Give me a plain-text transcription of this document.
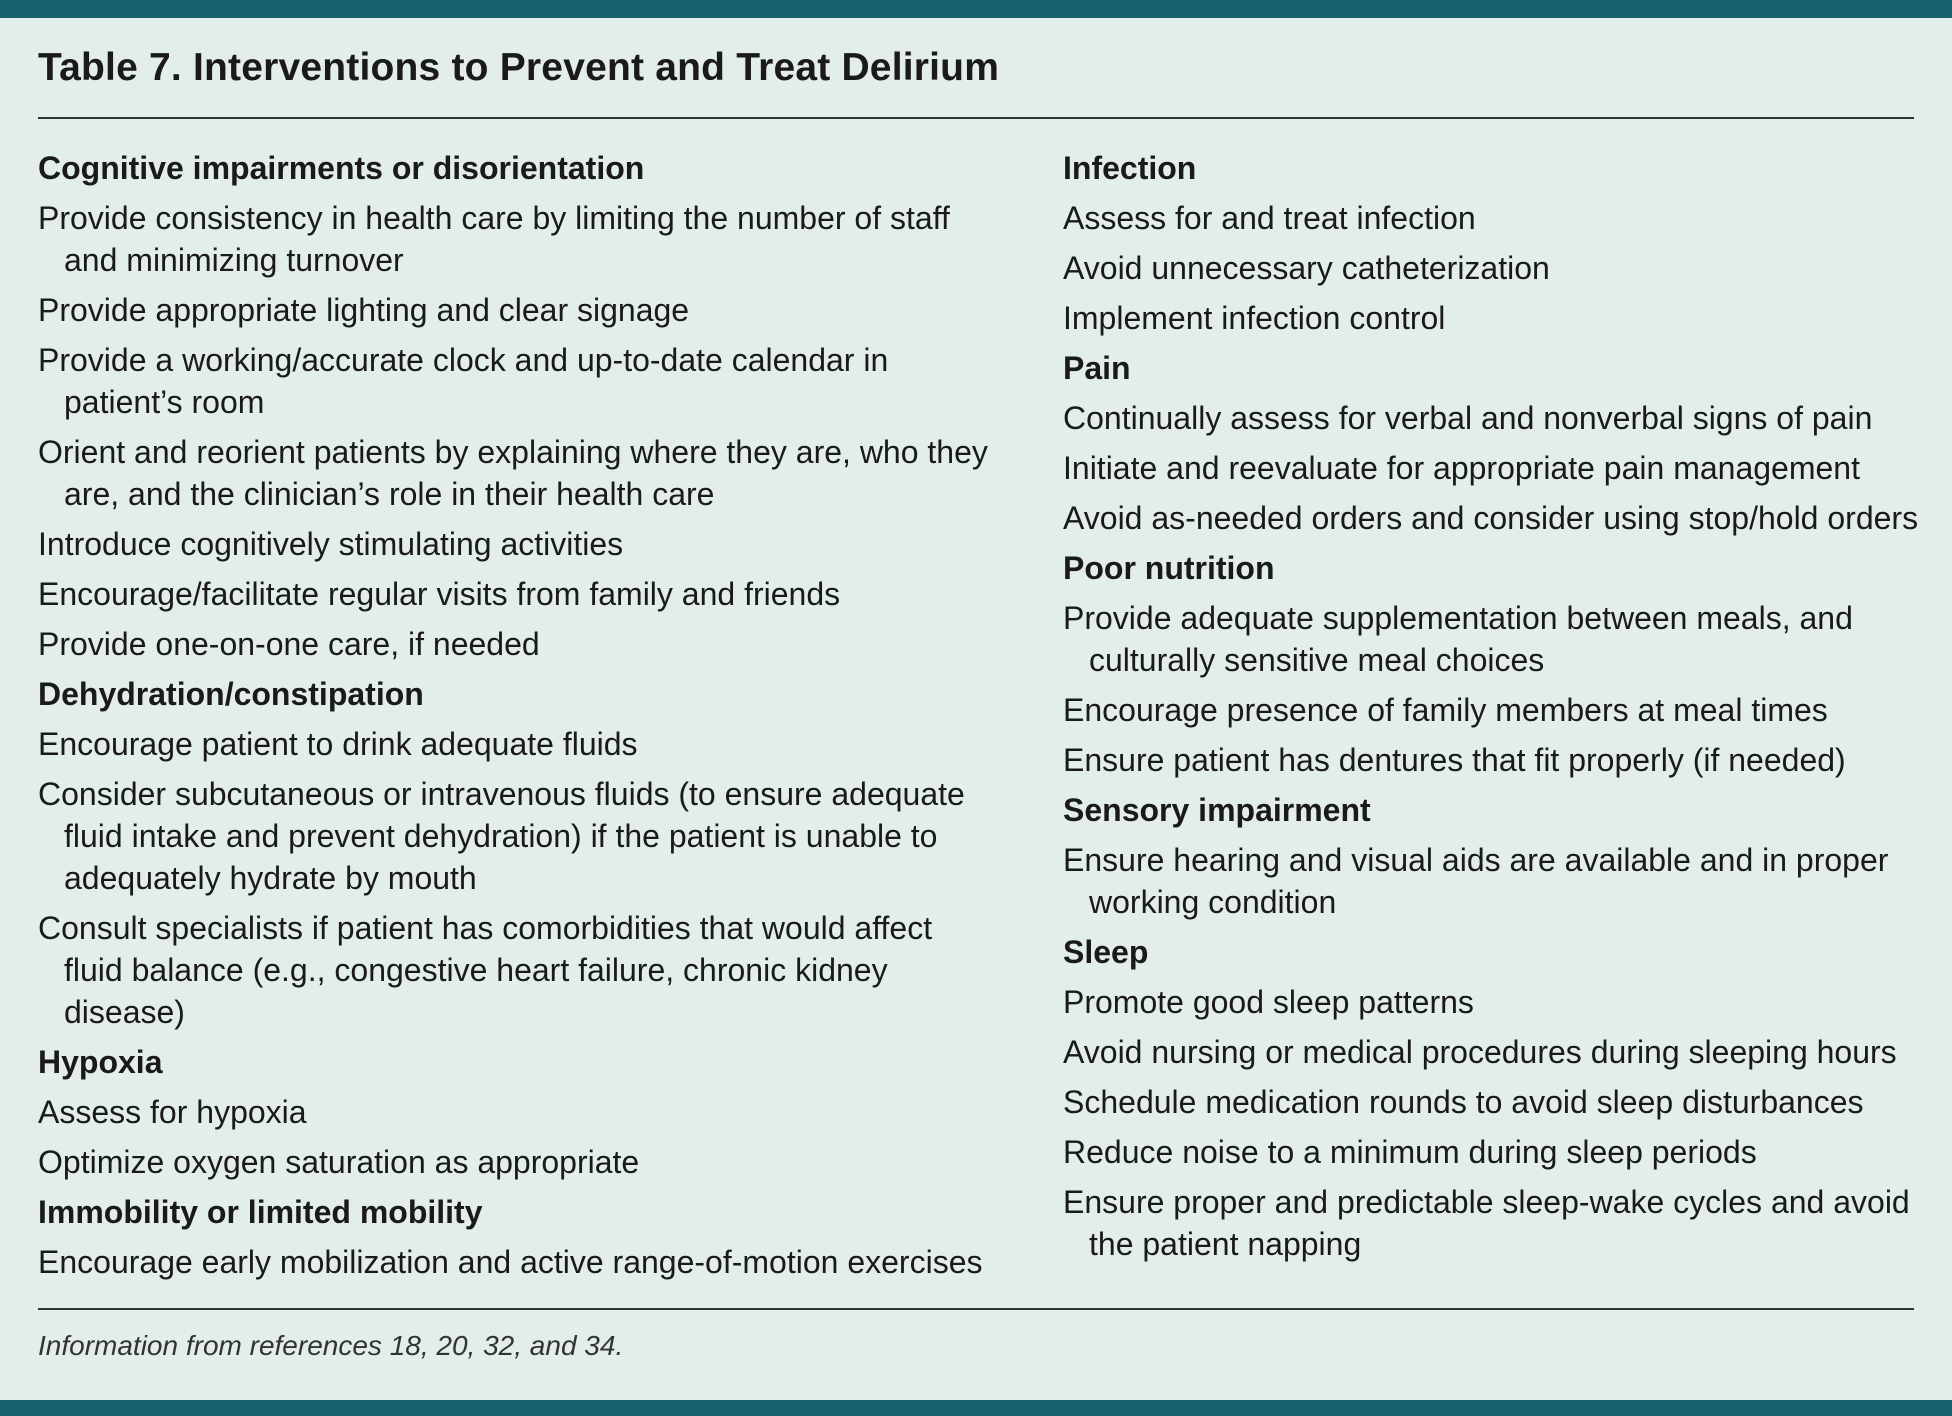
Table 7. Interventions to Prevent and Treat Delirium
Cognitive impairments or disorientation
Provide consistency in health care by limiting the number of staff and minimizing turnover
Provide appropriate lighting and clear signage
Provide a working/accurate clock and up-to-date calendar in patient’s room
Orient and reorient patients by explaining where they are, who they are, and the clinician’s role in their health care
Introduce cognitively stimulating activities
Encourage/facilitate regular visits from family and friends
Provide one-on-one care, if needed
Dehydration/constipation
Encourage patient to drink adequate fluids
Consider subcutaneous or intravenous fluids (to ensure adequate fluid intake and prevent dehydration) if the patient is unable to adequately hydrate by mouth
Consult specialists if patient has comorbidities that would affect fluid balance (e.g., congestive heart failure, chronic kidney disease)
Hypoxia
Assess for hypoxia
Optimize oxygen saturation as appropriate
Immobility or limited mobility
Encourage early mobilization and active range-of-motion exercises
Infection
Assess for and treat infection
Avoid unnecessary catheterization
Implement infection control
Pain
Continually assess for verbal and nonverbal signs of pain
Initiate and reevaluate for appropriate pain management
Avoid as-needed orders and consider using stop/hold orders
Poor nutrition
Provide adequate supplementation between meals, and culturally sensitive meal choices
Encourage presence of family members at meal times
Ensure patient has dentures that fit properly (if needed)
Sensory impairment
Ensure hearing and visual aids are available and in proper working condition
Sleep
Promote good sleep patterns
Avoid nursing or medical procedures during sleeping hours
Schedule medication rounds to avoid sleep disturbances
Reduce noise to a minimum during sleep periods
Ensure proper and predictable sleep-wake cycles and avoid the patient napping
Information from references 18, 20, 32, and 34.
